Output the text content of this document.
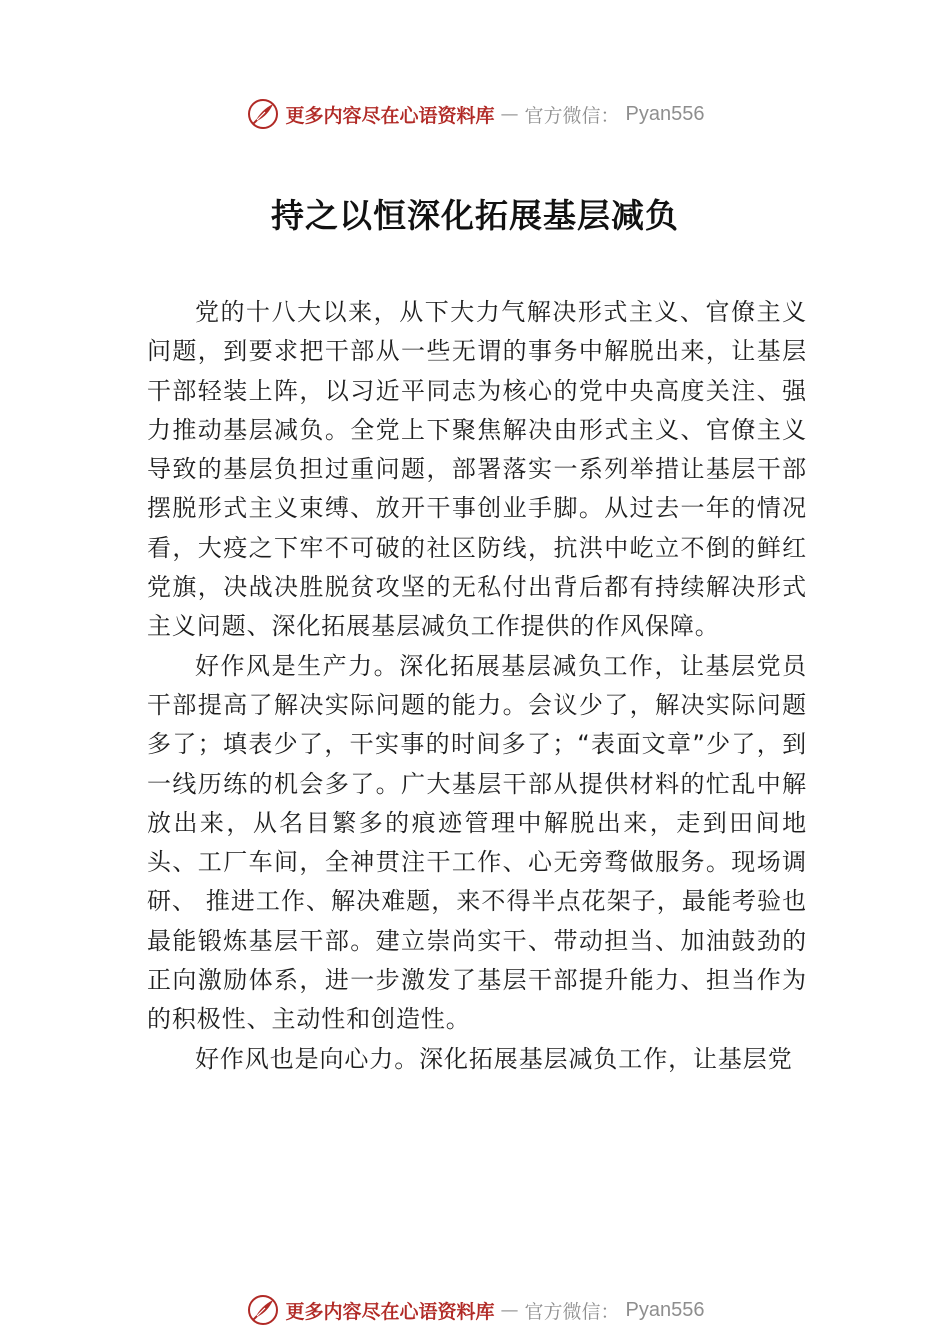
更多内容尽在心语资料库 — 官方微信： Pyan556
持之以恒深化拓展基层减负

党的十八大以来，从下大力气解决形式主义、官僚主义问题，到要求把干部从一些无谓的事务中解脱出来，让基层干部轻装上阵，以习近平同志为核心的党中央高度关注、强力推动基层减负。全党上下聚焦解决由形式主义、官僚主义导致的基层负担过重问题，部署落实一系列举措让基层干部摆脱形式主义束缚、放开干事创业手脚。从过去一年的情况看，大疫之下牢不可破的社区防线，抗洪中屹立不倒的鲜红党旗，决战决胜脱贫攻坚的无私付出背后都有持续解决形式主义问题、深化拓展基层减负工作提供的作风保障。

好作风是生产力。深化拓展基层减负工作，让基层党员干部提高了解决实际问题的能力。会议少了，解决实际问题多了；填表少了，干实事的时间多了；“表面文章”少了，到一线历练的机会多了。广大基层干部从提供材料的忙乱中解放出来，从名目繁多的痕迹管理中解脱出来，走到田间地头、工厂车间，全神贯注干工作、心无旁骛做服务。现场调研、 推进工作、解决难题，来不得半点花架子，最能考验也最能锻炼基层干部。建立崇尚实干、带动担当、加油鼓劲的正向激励体系，进一步激发了基层干部提升能力、担当作为的积极性、主动性和创造性。

好作风也是向心力。深化拓展基层减负工作，让基层党

更多内容尽在心语资料库 — 官方微信： Pyan556
